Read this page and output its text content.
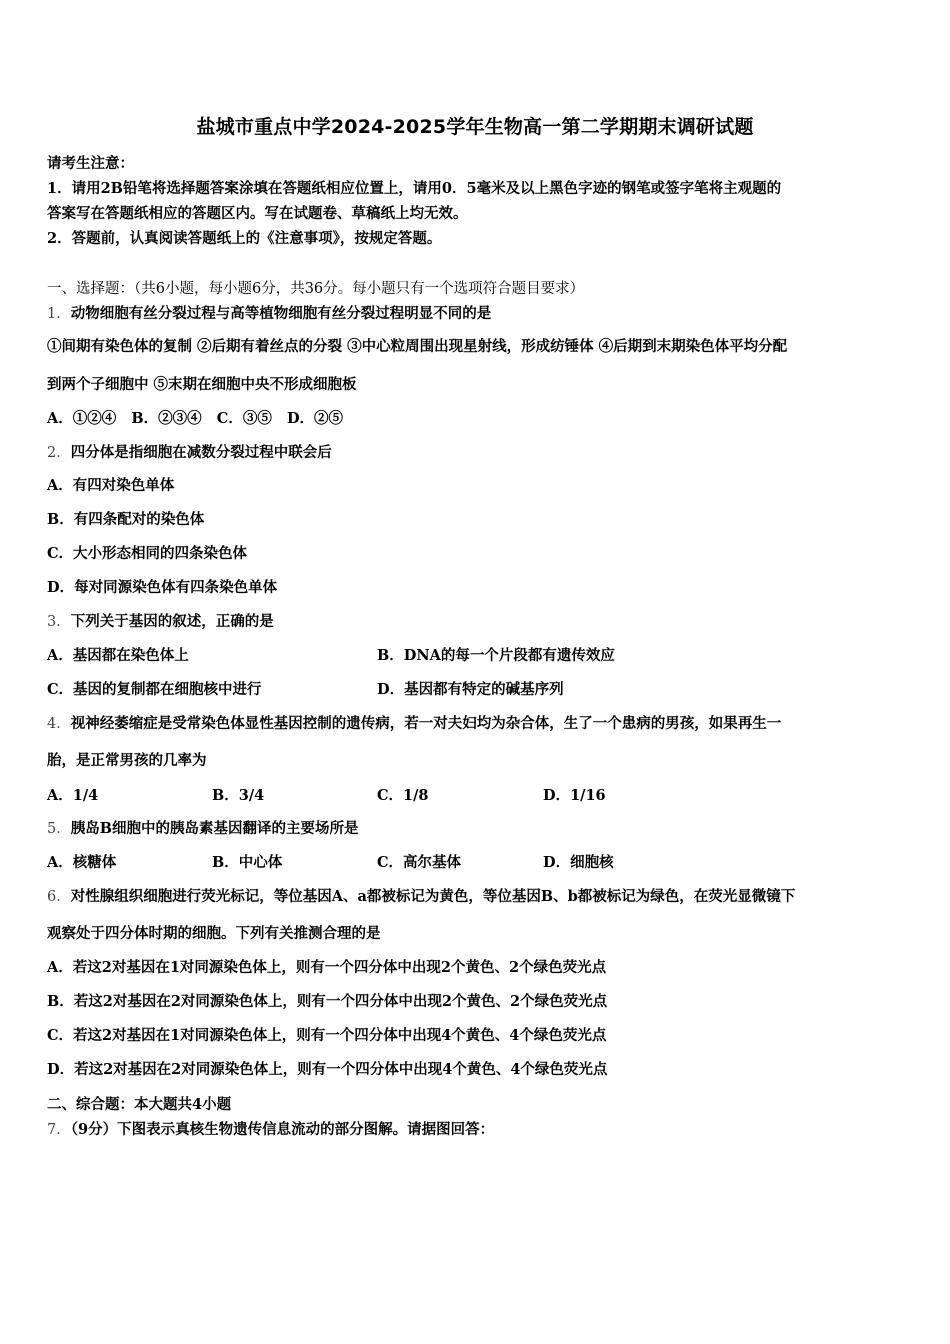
盐城市重点中学2024-2025学年生物高一第二学期期末调研试题
请考生注意：
1．请用2B铅笔将选择题答案涂填在答题纸相应位置上，请用0．5毫米及以上黑色字迹的钢笔或签字笔将主观题的
答案写在答题纸相应的答题区内。写在试题卷、草稿纸上均无效。
2．答题前，认真阅读答题纸上的《注意事项》，按规定答题。
一、选择题：（共6小题，每小题6分，共36分。每小题只有一个选项符合题目要求）
1．动物细胞有丝分裂过程与高等植物细胞有丝分裂过程明显不同的是
①间期有染色体的复制 ②后期有着丝点的分裂 ③中心粒周围出现星射线，形成纺锤体 ④后期到末期染色体平均分配
到两个子细胞中 ⑤末期在细胞中央不形成细胞板
A．①②④   B．②③④   C．③⑤   D．②⑤
2．四分体是指细胞在减数分裂过程中联会后
A．有四对染色单体
B．有四条配对的染色体
C．大小形态相同的四条染色体
D．每对同源染色体有四条染色单体
3．下列关于基因的叙述，正确的是
A．基因都在染色体上	B．DNA的每一个片段都有遗传效应
C．基因的复制都在细胞核中进行	D．基因都有特定的碱基序列
4．视神经萎缩症是受常染色体显性基因控制的遗传病，若一对夫妇均为杂合体，生了一个患病的男孩，如果再生一
胎，是正常男孩的几率为
A．1/4	B．3/4	C．1/8	D．1/16
5．胰岛B细胞中的胰岛素基因翻译的主要场所是
A．核糖体	B．中心体	C．高尔基体	D．细胞核
6．对性腺组织细胞进行荧光标记，等位基因A、a都被标记为黄色，等位基因B、b都被标记为绿色，在荧光显微镜下
观察处于四分体时期的细胞。下列有关推测合理的是
A．若这2对基因在1对同源染色体上，则有一个四分体中出现2个黄色、2个绿色荧光点
B．若这2对基因在2对同源染色体上，则有一个四分体中出现2个黄色、2个绿色荧光点
C．若这2对基因在1对同源染色体上，则有一个四分体中出现4个黄色、4个绿色荧光点
D．若这2对基因在2对同源染色体上，则有一个四分体中出现4个黄色、4个绿色荧光点
二、综合题：本大题共4小题
7．（9分）下图表示真核生物遗传信息流动的部分图解。请据图回答：
